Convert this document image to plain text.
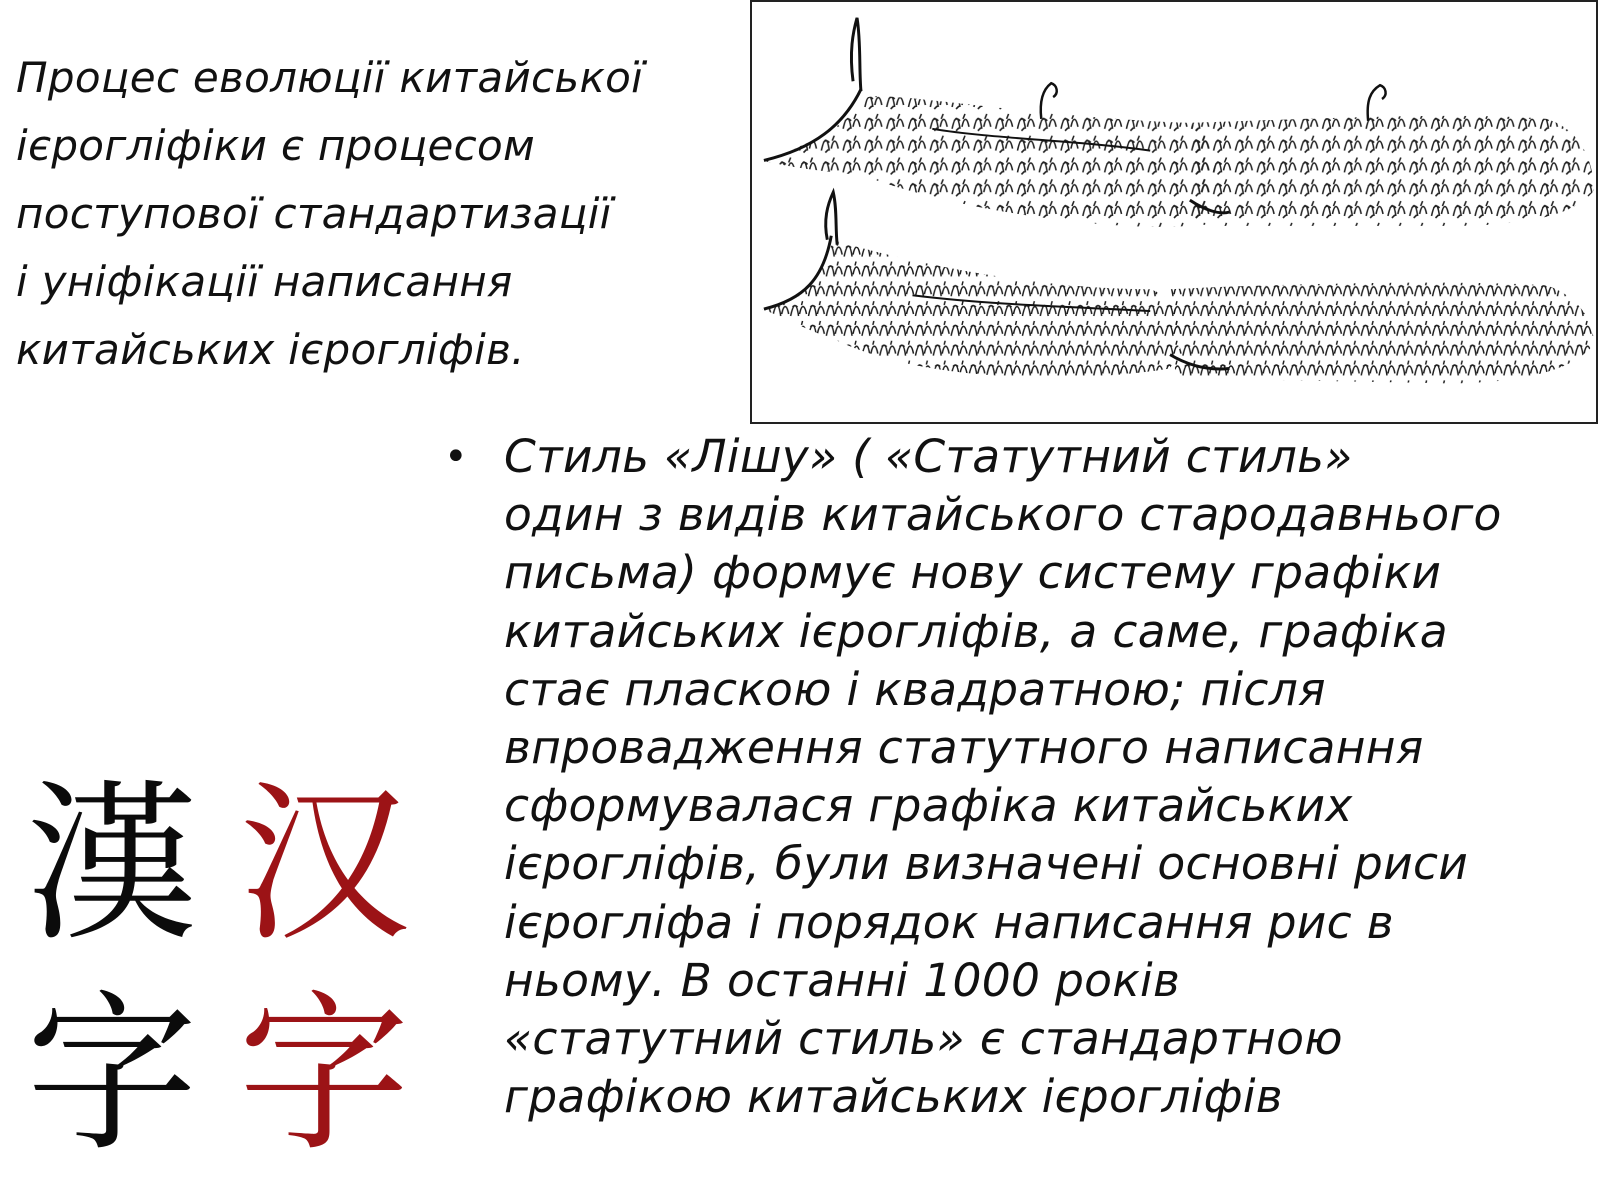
Процес еволюції китайської
ієрогліфіки є процесом
поступової стандартизації
і уніфікації написання
китайських ієрогліфів.

• Стиль «Лішу» ( «Статутний стиль»
один з видів китайського стародавнього
письма) формує нову систему графіки
китайських ієрогліфів, а саме, графіка
стає пласкою і квадратною; після
впровадження статутного написання
сформувалася графіка китайських
ієрогліфів, були визначені основні риси
ієрогліфа і порядок написання рис в
ньому. В останні 1000 років
«статутний стиль» є стандартною
графікою китайських ієрогліфів
漢 汉
字 字
